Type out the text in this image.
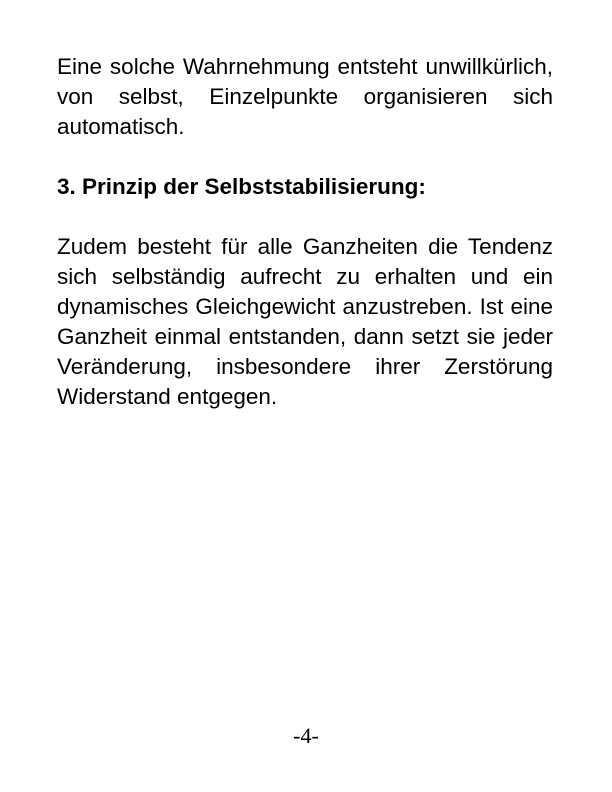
Eine solche Wahrnehmung entsteht unwillkürlich, von selbst, Einzelpunkte organisieren sich automatisch.

3. Prinzip der Selbststabilisierung:

Zudem besteht für alle Ganzheiten die Tendenz sich selbständig aufrecht zu erhalten und ein dynamisches Gleichgewicht anzustreben. Ist eine Ganzheit einmal entstanden, dann setzt sie jeder Veränderung, insbesondere ihrer Zerstörung Widerstand entgegen.

-4-
